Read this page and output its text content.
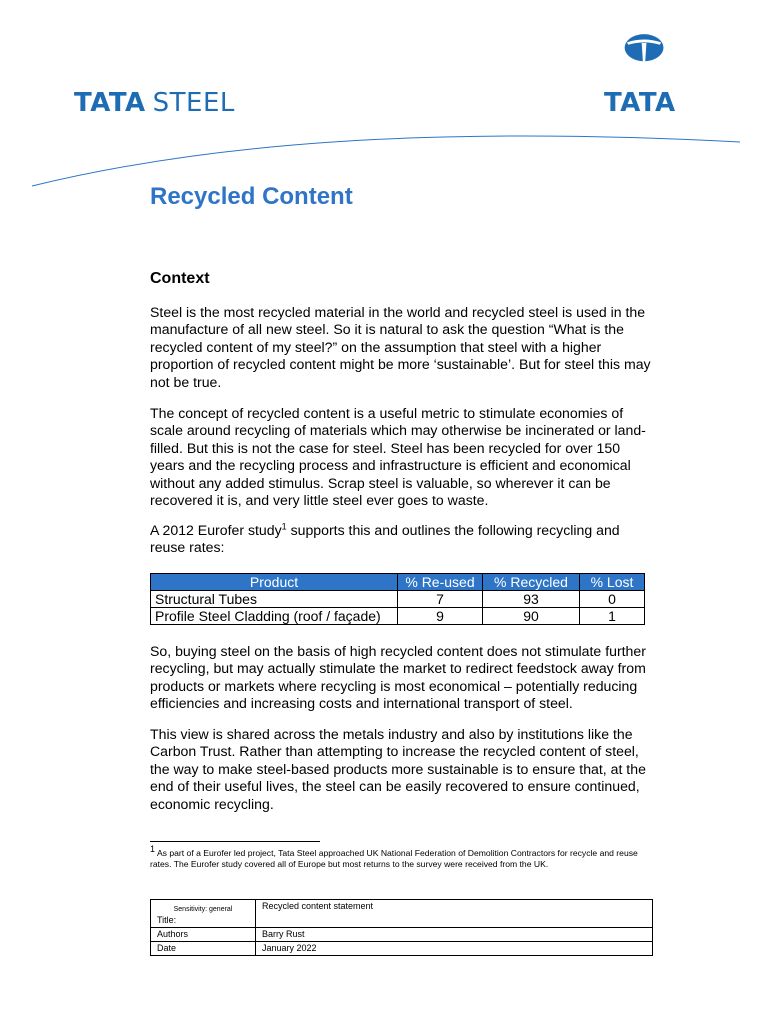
TATA STEEL	TATA
Recycled Content
Context

Steel is the most recycled material in the world and recycled steel is used in the manufacture of all new steel. So it is natural to ask the question “What is the recycled content of my steel?” on the assumption that steel with a higher proportion of recycled content might be more ‘sustainable’. But for steel this may not be true.

The concept of recycled content is a useful metric to stimulate economies of scale around recycling of materials which may otherwise be incinerated or land-filled. But this is not the case for steel. Steel has been recycled for over 150 years and the recycling process and infrastructure is efficient and economical without any added stimulus. Scrap steel is valuable, so wherever it can be recovered it is, and very little steel ever goes to waste.

A 2012 Eurofer study$^1$ supports this and outlines the following recycling and reuse rates:

Product	% Re-used	% Recycled	% Lost
Structural Tubes	7	93	0
Profile Steel Cladding (roof / façade)	9	90	1

So, buying steel on the basis of high recycled content does not stimulate further recycling, but may actually stimulate the market to redirect feedstock away from products or markets where recycling is most economical – potentially reducing efficiencies and increasing costs and international transport of steel.

This view is shared across the metals industry and also by institutions like the Carbon Trust. Rather than attempting to increase the recycled content of steel, the way to make steel-based products more sustainable is to ensure that, at the end of their useful lives, the steel can be easily recovered to ensure continued, economic recycling.

$^1$ As part of a Eurofer led project, Tata Steel approached UK National Federation of Demolition Contractors for recycle and reuse rates. The Eurofer study covered all of Europe but most returns to the survey were received from the UK.

Sensitivity: general
Title:	Recycled content statement
Authors	Barry Rust
Date	January 2022
